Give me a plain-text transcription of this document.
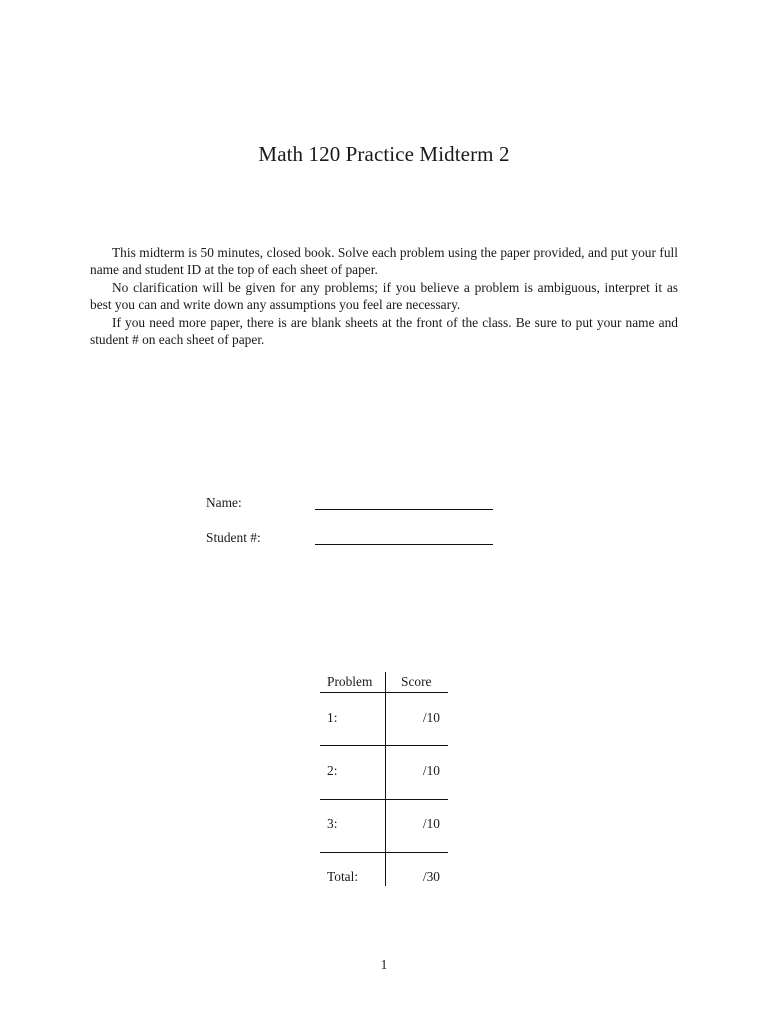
Math 120 Practice Midterm 2

This midterm is 50 minutes, closed book. Solve each problem using the paper provided, and put your full name and student ID at the top of each sheet of paper.

No clarification will be given for any problems; if you believe a problem is ambiguous, interpret it as best you can and write down any assumptions you feel are necessary.

If you need more paper, there is are blank sheets at the front of the class. Be sure to put your name and student # on each sheet of paper.

Name:
Student #:
Problem Score
1:	/10
2:	/10
3:	/10
Total:	/30
1
